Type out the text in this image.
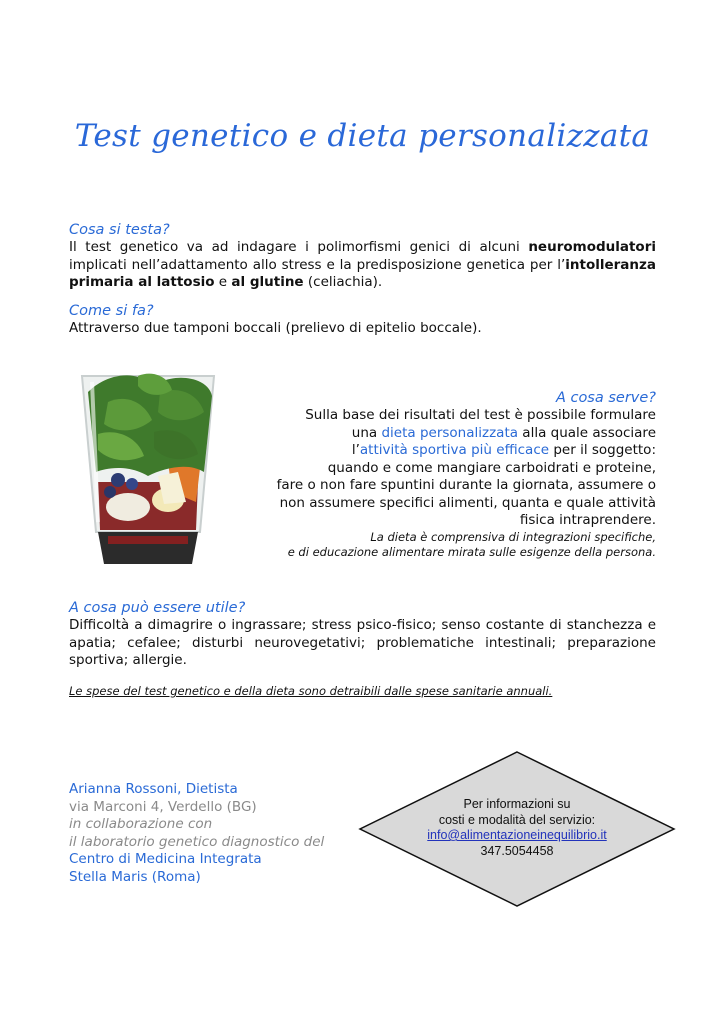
Test genetico e dieta personalizzata
Cosa si testa?

Il test genetico va ad indagare i polimorfismi genici di alcuni neuromodulatori implicati nell’adattamento allo stress e la predisposizione genetica per l’intolleranza primaria al lattosio e al glutine (celiachia).

Come si fa?

Attraverso due tamponi boccali (prelievo di epitelio boccale).

A cosa serve?

Sulla base dei risultati del test è possibile formulare

una dieta personalizzata alla quale associare

l’attività sportiva più efficace per il soggetto:

quando e come mangiare carboidrati e proteine,

fare o non fare spuntini durante la giornata, assumere o

non assumere specifici alimenti, quanta e quale attività

fisica intraprendere.

La dieta è comprensiva di integrazioni specifiche,

e di educazione alimentare mirata sulle esigenze della persona.

A cosa può essere utile?

Difficoltà a dimagrire o ingrassare; stress psico-fisico; senso costante di stanchezza e apatia; cefalee; disturbi neurovegetativi; problematiche intestinali; preparazione sportiva; allergie.

Le spese del test genetico e della dieta sono detraibili dalle spese sanitarie annuali.
Arianna Rossoni, Dietista
via Marconi 4, Verdello (BG)
in collaborazione con
il laboratorio genetico diagnostico del
Centro di Medicina Integrata
Stella Maris (Roma)
Per informazioni su
costi e modalità del servizio:
info@alimentazioneinequilibrio.it
347.5054458
